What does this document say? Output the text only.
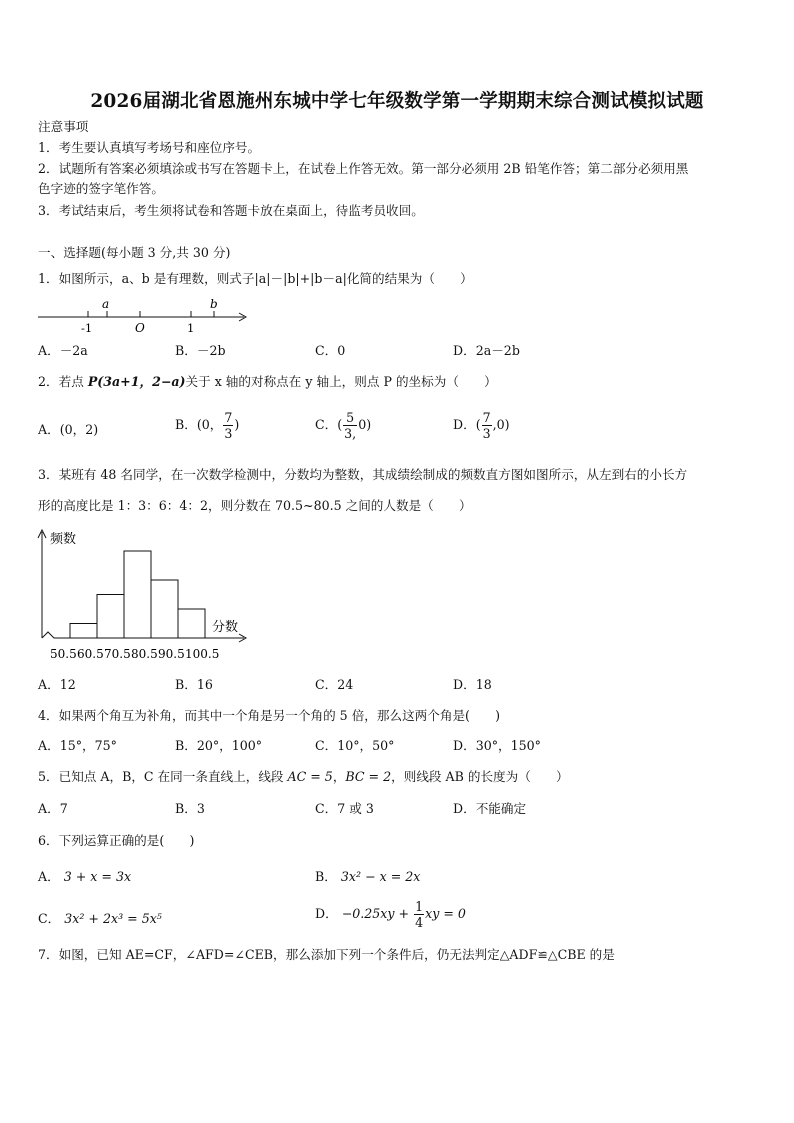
2026届湖北省恩施州东城中学七年级数学第一学期期末综合测试模拟试题
注意事项
1．考生要认真填写考场号和座位序号。
2．试题所有答案必须填涂或书写在答题卡上，在试卷上作答无效。第一部分必须用 2B 铅笔作答；第二部分必须用黑
色字迹的签字笔作答。
3．考试结束后，考生须将试卷和答题卡放在桌面上，待监考员收回。
一、选择题(每小题 3 分,共 30 分)
1．如图所示，a、b 是有理数，则式子|a|－|b|+|b－a|化简的结果为（　　）
a	b
-1	O	1
A．－2a	B．－2b	C．0	D．2a－2b
2．若点 P(3a+1，2−a)关于 x 轴的对称点在 y 轴上，则点 P 的坐标为（　　）
A．(0，2)	B．(0， $\frac{7}{3}$ )	C．( $\frac{5}{3,} 0$)	D．( $\frac{7}{3} ,0$)
3．某班有 48 名同学，在一次数学检测中，分数均为整数，其成绩绘制成的频数直方图如图所示，从左到右的小长方
形的高度比是 1：3：6：4：2，则分数在 70.5~80.5 之间的人数是（　　）
频数
分数
50.5 60.5 70.5 80.5 90.5 100.5
A．12	B．16	C．24	D．18
4．如果两个角互为补角，而其中一个角是另一个角的 5 倍，那么这两个角是(　　)
A．15°，75°	B．20°，100°	C．10°，50°	D．30°，150°
5．已知点 A，B，C 在同一条直线上，线段 AC = 5，BC = 2，则线段 AB 的长度为（　　）
A．7	B．3	C．7 或 3	D．不能确定
6．下列运算正确的是(　　)
A． 3 + x = 3x	B． 3x² − x = 2x
C． 3x² + 2x³ = 5x⁵	D． $-0.25xy + \frac{1}{4}$ xy = 0
7．如图，已知 AE=CF，∠AFD=∠CEB，那么添加下列一个条件后，仍无法判定△ADF≌△CBE 的是
